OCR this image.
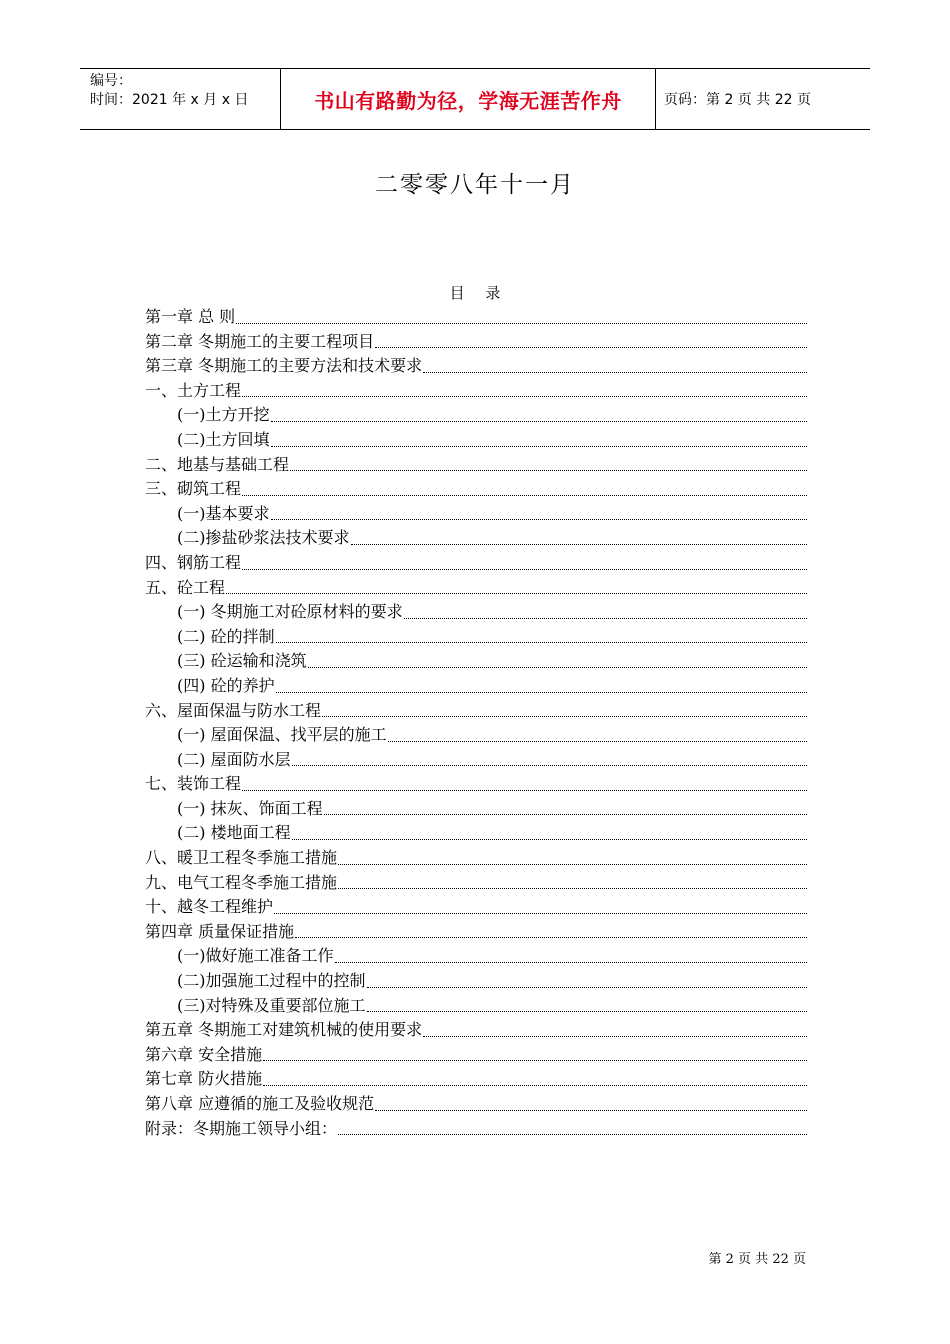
编号：
时间：2021 年 x 月 x 日	书山有路勤为径，学海无涯苦作舟	页码：第 2 页 共 22 页
二零零八年十一月
目 录
第一章 总 则
第二章 冬期施工的主要工程项目
第三章 冬期施工的主要方法和技术要求
一、土方工程
(一)土方开挖
(二)土方回填
二、地基与基础工程
三、砌筑工程
(一)基本要求
(二)掺盐砂浆法技术要求
四、钢筋工程
五、砼工程
(一) 冬期施工对砼原材料的要求
(二) 砼的拌制
(三) 砼运输和浇筑
(四) 砼的养护
六、屋面保温与防水工程
(一) 屋面保温、找平层的施工
(二) 屋面防水层
七、装饰工程
(一) 抹灰、饰面工程
(二) 楼地面工程
八、暖卫工程冬季施工措施
九、电气工程冬季施工措施
十、越冬工程维护
第四章 质量保证措施
(一)做好施工准备工作
(二)加强施工过程中的控制
(三)对特殊及重要部位施工
第五章 冬期施工对建筑机械的使用要求
第六章 安全措施
第七章 防火措施
第八章 应遵循的施工及验收规范
附录：冬期施工领导小组：
第 2 页 共 22 页
